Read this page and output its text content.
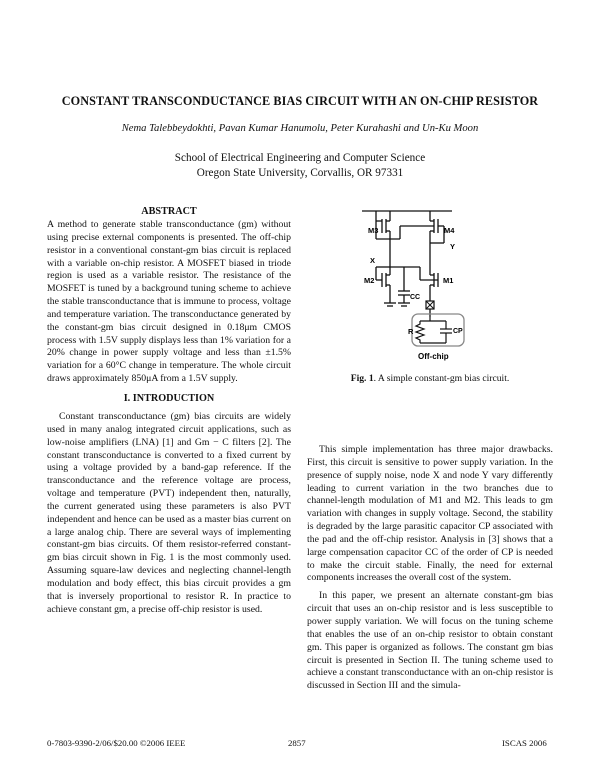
CONSTANT TRANSCONDUCTANCE BIAS CIRCUIT WITH AN ON-CHIP RESISTOR
Nema Talebbeydokhti, Pavan Kumar Hanumolu, Peter Kurahashi and Un-Ku Moon
School of Electrical Engineering and Computer Science
Oregon State University, Corvallis, OR 97331
ABSTRACT

A method to generate stable transconductance (gm) without using precise external components is presented. The off-chip resistor in a conventional constant-gm bias circuit is replaced with a variable on-chip resistor. A MOSFET biased in triode region is used as a variable resistor. The resistance of the MOSFET is tuned by a background tuning scheme to achieve the stable transconductance that is immune to process, voltage and temperature variation. The transconductance generated by the constant-gm bias circuit designed in 0.18μm CMOS process with 1.5V supply displays less than 1% variation for a 20% change in power supply voltage and less than ±1.5% variation for a 60°C change in temperature. The whole circuit draws approximately 850μA from a 1.5V supply.

I. INTRODUCTION

Constant transconductance (gm) bias circuits are widely used in many analog integrated circuit applications, such as low-noise amplifiers (LNA) [1] and Gm − C filters [2]. The constant transconductance is converted to a fixed current by using a voltage provided by a band-gap reference. If the transconductance and the reference voltage are process, voltage and temperature (PVT) independent then, naturally, the current generated using these parameters is also PVT independent and hence can be used as a master bias current on a large analog chip. There are several ways of implementing constant-gm bias circuits. Of them resistor-referred constant-gm bias circuit shown in Fig. 1 is the most commonly used. Assuming square-law devices and neglecting channel-length modulation and body effect, this bias circuit provides a gm that is inversely proportional to resistor R. In practice to achieve constant gm, a precise off-chip resistor is used.

M3	M4
Y
X
M2	M1
CC
R	CP
Off-chip
Fig. 1. A simple constant-gm bias circuit.

This simple implementation has three major drawbacks. First, this circuit is sensitive to power supply variation. In the presence of supply noise, node X and node Y vary differently leading to current variation in the two branches due to channel-length modulation of M1 and M2. This leads to gm variation with changes in supply voltage. Second, the stability is degraded by the large parasitic capacitor CP associated with the pad and the off-chip resistor. Analysis in [3] shows that a large compensation capacitor CC of the order of CP is needed to make the circuit stable. Finally, the need for external components increases the overall cost of the system.

In this paper, we present an alternate constant-gm bias circuit that uses an on-chip resistor and is less susceptible to power supply variation. We will focus on the tuning scheme that enables the use of an on-chip resistor to obtain constant gm. This paper is organized as follows. The constant gm bias circuit is presented in Section II. The tuning scheme used to achieve a constant transconductance with an on-chip resistor is discussed in Section III and the simula-

0-7803-9390-2/06/$20.00 ©2006 IEEE	2857	ISCAS 2006
